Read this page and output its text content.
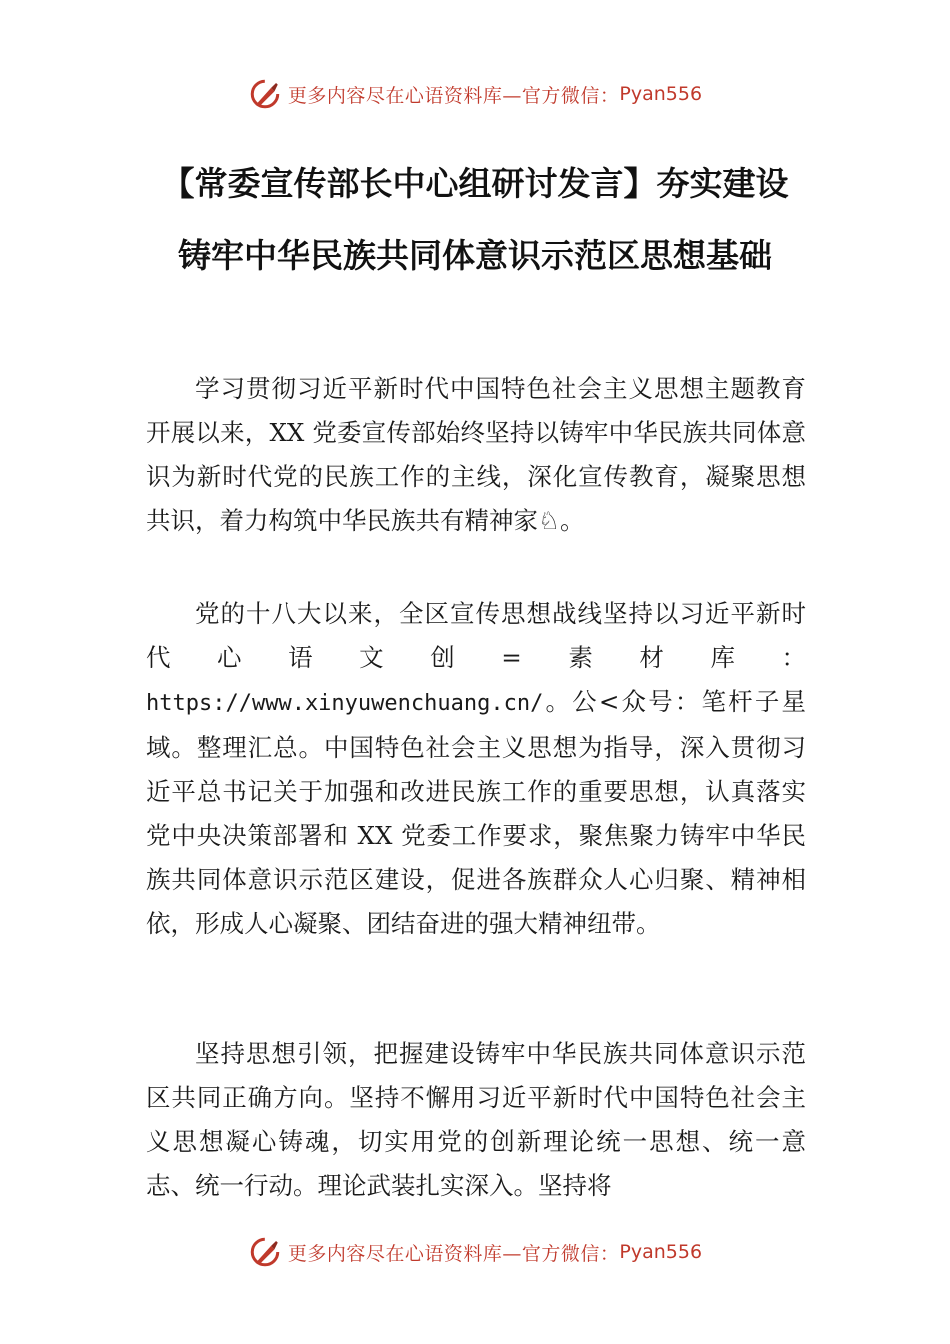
更多内容尽在心语资料库—官方微信： Pyan556
【常委宣传部长中心组研讨发言】夯实建设
铸牢中华民族共同体意识示范区思想基础

学习贯彻习近平新时代中国特色社会主义思想主题教育开展以来，XX 党委宣传部始终坚持以铸牢中华民族共同体意识为新时代党的民族工作的主线，深化宣传教育，凝聚思想共识，着力构筑中华民族共有精神家♘。

党的十八大以来，全区宣传思想战线坚持以习近平新时代心语文创=素材库：https://www.xinyuwenchuang.cn/。公<众号：笔杆子星域。整理汇总。中国特色社会主义思想为指导，深入贯彻习近平总书记关于加强和改进民族工作的重要思想，认真落实党中央决策部署和 XX 党委工作要求，聚焦聚力铸牢中华民族共同体意识示范区建设，促进各族群众人心归聚、精神相依，形成人心凝聚、团结奋进的强大精神纽带。

坚持思想引领，把握建设铸牢中华民族共同体意识示范区共同正确方向。坚持不懈用习近平新时代中国特色社会主义思想凝心铸魂，切实用党的创新理论统一思想、统一意志、统一行动。理论武装扎实深入。坚持将

更多内容尽在心语资料库—官方微信： Pyan556
